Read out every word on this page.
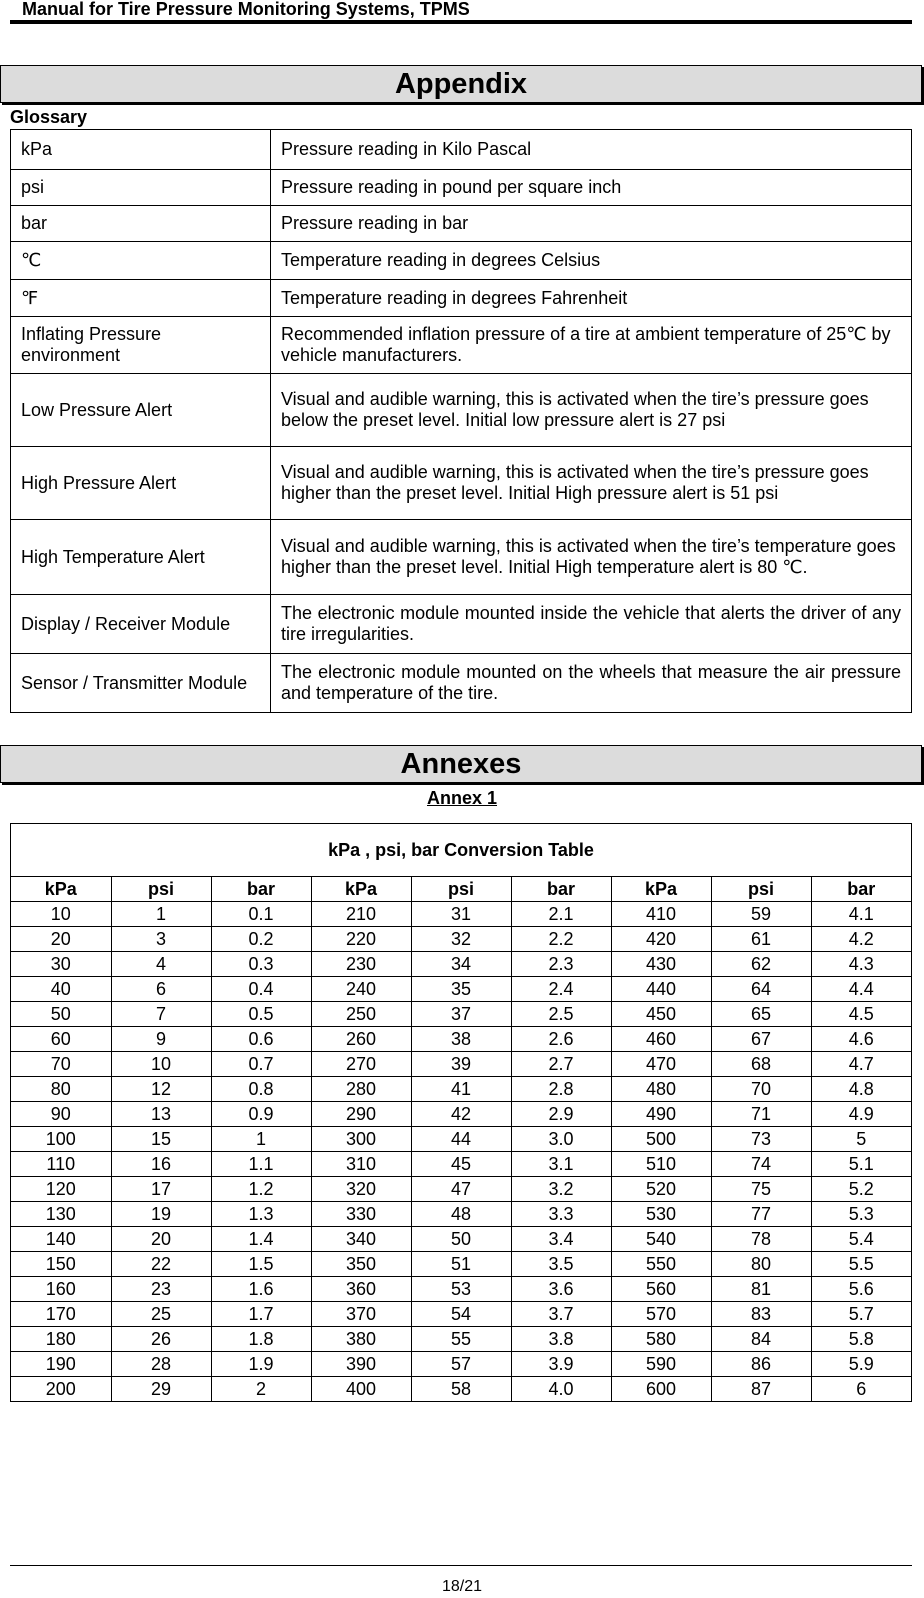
Manual for Tire Pressure Monitoring Systems, TPMS
Appendix
Glossary
kPa	Pressure reading in Kilo Pascal
psi	Pressure reading in pound per square inch
bar	Pressure reading in bar
℃	Temperature reading in degrees Celsius
℉	Temperature reading in degrees Fahrenheit
Inflating Pressure environment	Recommended inflation pressure of a tire at ambient temperature of 25℃ by vehicle manufacturers.
Low Pressure Alert	Visual and audible warning, this is activated when the tire’s pressure goes below the preset level. Initial low pressure alert is 27 psi
High Pressure Alert	Visual and audible warning, this is activated when the tire’s pressure goes higher than the preset level. Initial High pressure alert is 51 psi
High Temperature Alert	Visual and audible warning, this is activated when the tire’s temperature goes higher than the preset level. Initial High temperature alert is 80 ℃.
Display / Receiver Module	The electronic module mounted inside the vehicle that alerts the driver of any tire irregularities.
Sensor / Transmitter Module	The electronic module mounted on the wheels that measure the air pressure and temperature of the tire.
Annexes
Annex 1
kPa , psi, bar Conversion Table
kPa	psi	bar	kPa	psi	bar	kPa	psi	bar
10	1	0.1	210	31	2.1	410	59	4.1
20	3	0.2	220	32	2.2	420	61	4.2
30	4	0.3	230	34	2.3	430	62	4.3
40	6	0.4	240	35	2.4	440	64	4.4
50	7	0.5	250	37	2.5	450	65	4.5
60	9	0.6	260	38	2.6	460	67	4.6
70	10	0.7	270	39	2.7	470	68	4.7
80	12	0.8	280	41	2.8	480	70	4.8
90	13	0.9	290	42	2.9	490	71	4.9
100	15	1	300	44	3.0	500	73	5
110	16	1.1	310	45	3.1	510	74	5.1
120	17	1.2	320	47	3.2	520	75	5.2
130	19	1.3	330	48	3.3	530	77	5.3
140	20	1.4	340	50	3.4	540	78	5.4
150	22	1.5	350	51	3.5	550	80	5.5
160	23	1.6	360	53	3.6	560	81	5.6
170	25	1.7	370	54	3.7	570	83	5.7
180	26	1.8	380	55	3.8	580	84	5.8
190	28	1.9	390	57	3.9	590	86	5.9
200	29	2	400	58	4.0	600	87	6
18/21
